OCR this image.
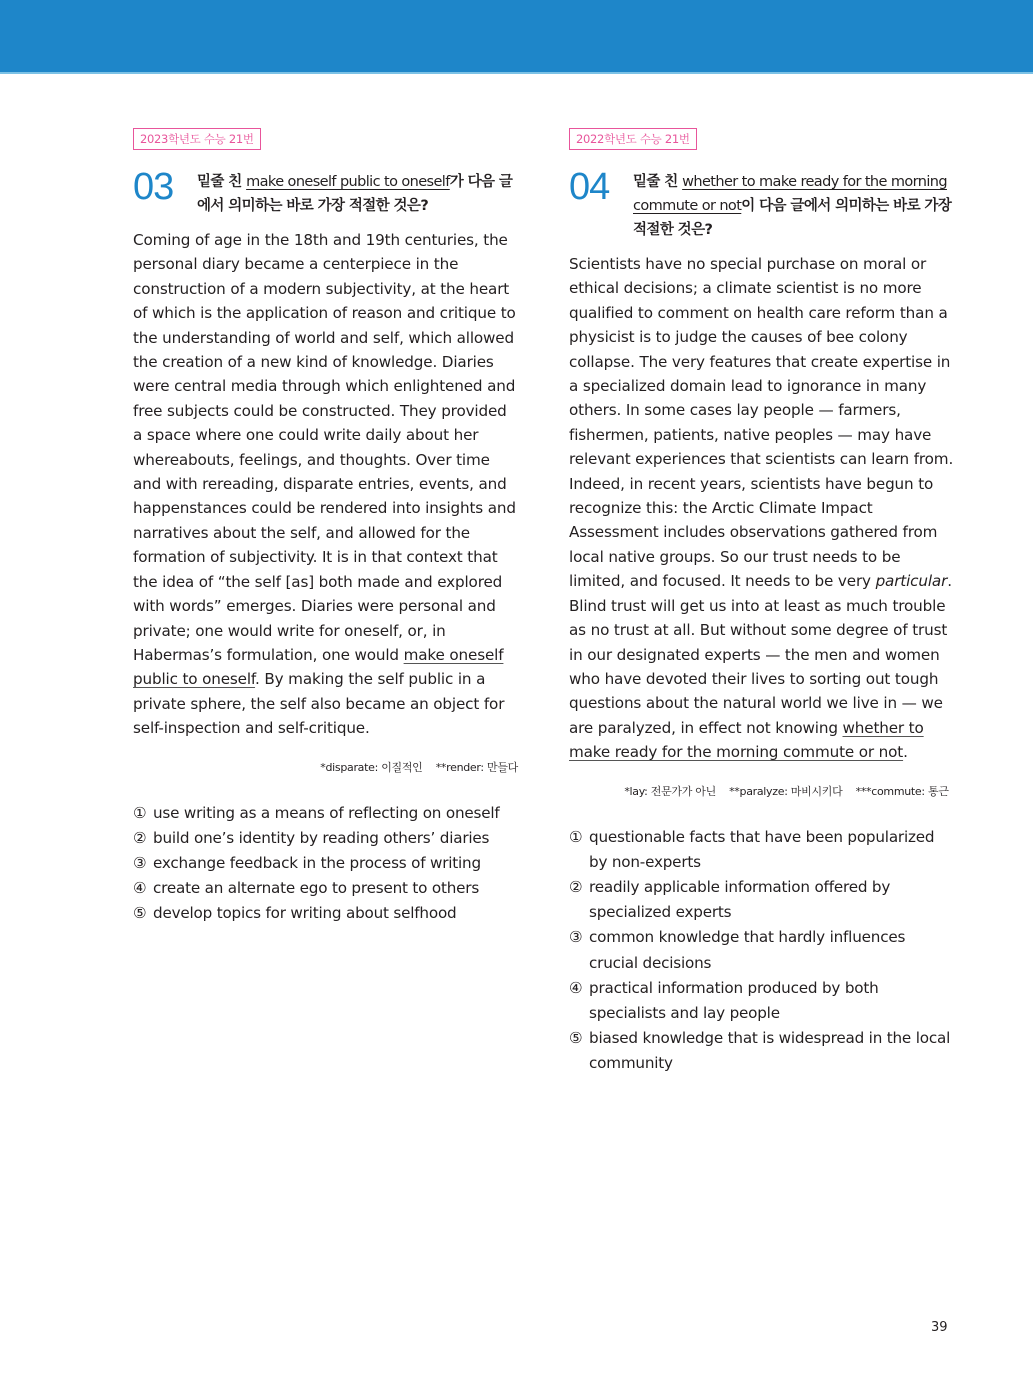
2023학년도 수능 21번
03	밑줄 친 make oneself public to oneself가 다음 글에서 의미하는 바로 가장 적절한 것은?
Coming of age in the 18th and 19th centuries, the personal diary became a centerpiece in the construction of a modern subjectivity, at the heart of which is the application of reason and critique to the understanding of world and self, which allowed the creation of a new kind of knowledge. Diaries were central media through which enlightened and free subjects could be constructed. They provided a space where one could write daily about her whereabouts, feelings, and thoughts. Over time and with rereading, disparate entries, events, and happenstances could be rendered into insights and narratives about the self, and allowed for the formation of subjectivity. It is in that context that the idea of “the self [as] both made and explored with words” emerges. Diaries were personal and private; one would write for oneself, or, in Habermas’s formulation, one would make oneself public to oneself. By making the self public in a private sphere, the self also became an object for self-inspection and self-critique.
*disparate: 이질적인 **render: 만들다
① use writing as a means of reflecting on oneself
② build one’s identity by reading others’ diaries
③ exchange feedback in the process of writing
④ create an alternate ego to present to others
⑤ develop topics for writing about selfhood
2022학년도 수능 21번
04	밑줄 친 whether to make ready for the morning commute or not이 다음 글에서 의미하는 바로 가장 적절한 것은?
Scientists have no special purchase on moral or ethical decisions; a climate scientist is no more qualified to comment on health care reform than a physicist is to judge the causes of bee colony collapse. The very features that create expertise in a specialized domain lead to ignorance in many others. In some cases lay people — farmers, fishermen, patients, native peoples — may have relevant experiences that scientists can learn from. Indeed, in recent years, scientists have begun to recognize this: the Arctic Climate Impact Assessment includes observations gathered from local native groups. So our trust needs to be limited, and focused. It needs to be very particular. Blind trust will get us into at least as much trouble as no trust at all. But without some degree of trust in our designated experts — the men and women who have devoted their lives to sorting out tough questions about the natural world we live in — we are paralyzed, in effect not knowing whether to make ready for the morning commute or not.
*lay: 전문가가 아닌 **paralyze: 마비시키다 ***commute: 통근
① questionable facts that have been popularized by non-experts
② readily applicable information offered by specialized experts
③ common knowledge that hardly influences crucial decisions
④ practical information produced by both specialists and lay people
⑤ biased knowledge that is widespread in the local community
39
